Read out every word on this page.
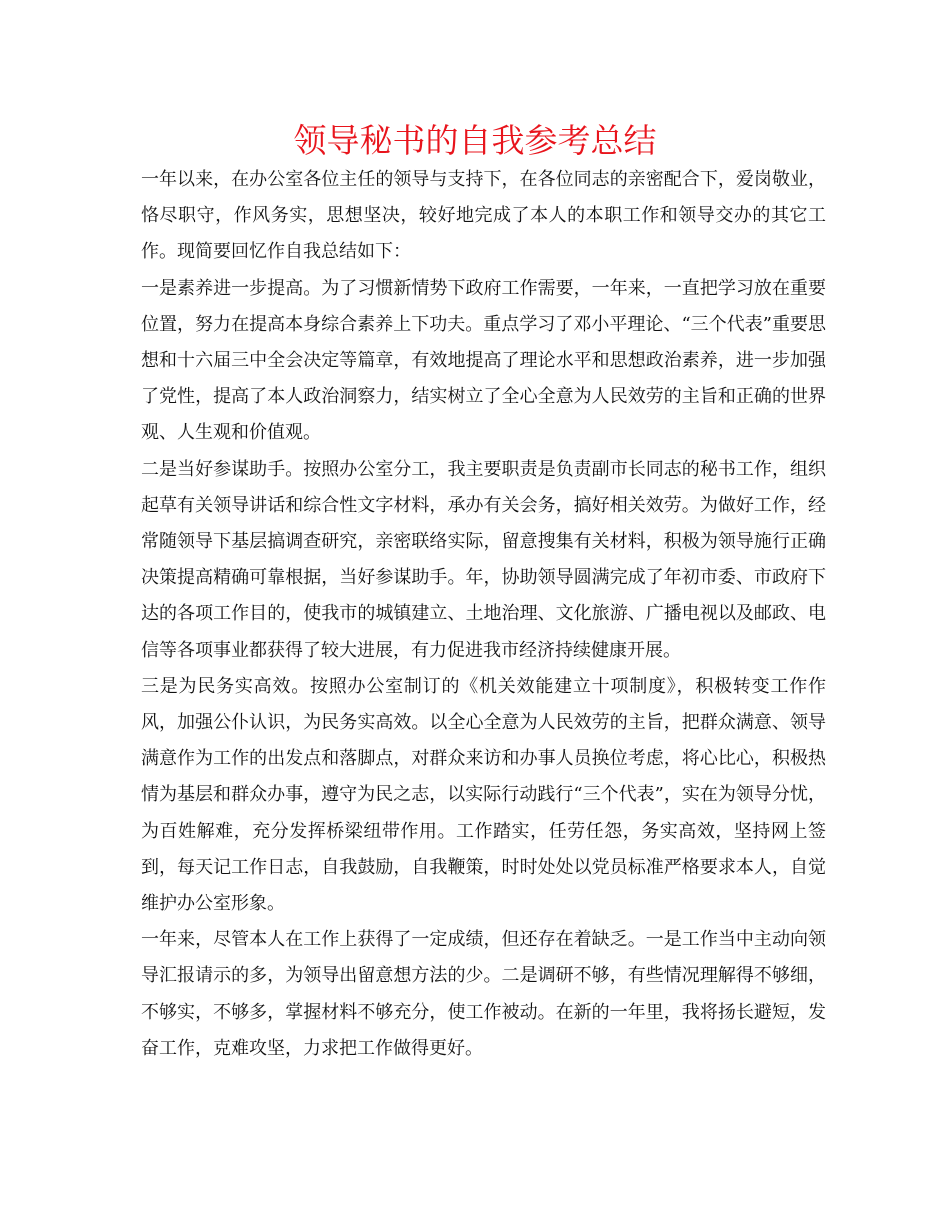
领导秘书的自我参考总结

一年以来，在办公室各位主任的领导与支持下，在各位同志的亲密配合下，爱岗敬业，恪尽职守，作风务实，思想坚决，较好地完成了本人的本职工作和领导交办的其它工作。现简要回忆作自我总结如下：

一是素养进一步提高。为了习惯新情势下政府工作需要，一年来，一直把学习放在重要位置，努力在提高本身综合素养上下功夫。重点学习了邓小平理论、“三个代表”重要思想和十六届三中全会决定等篇章，有效地提高了理论水平和思想政治素养，进一步加强了党性，提高了本人政治洞察力，结实树立了全心全意为人民效劳的主旨和正确的世界观、人生观和价值观。

二是当好参谋助手。按照办公室分工，我主要职责是负责副市长同志的秘书工作，组织起草有关领导讲话和综合性文字材料，承办有关会务，搞好相关效劳。为做好工作，经常随领导下基层搞调查研究，亲密联络实际，留意搜集有关材料，积极为领导施行正确决策提高精确可靠根据，当好参谋助手。年，协助领导圆满完成了年初市委、市政府下达的各项工作目的，使我市的城镇建立、土地治理、文化旅游、广播电视以及邮政、电信等各项事业都获得了较大进展，有力促进我市经济持续健康开展。

三是为民务实高效。按照办公室制订的《机关效能建立十项制度》，积极转变工作作风，加强公仆认识，为民务实高效。以全心全意为人民效劳的主旨，把群众满意、领导满意作为工作的出发点和落脚点，对群众来访和办事人员换位考虑，将心比心，积极热情为基层和群众办事，遵守为民之志，以实际行动践行“三个代表”，实在为领导分忧，为百姓解难，充分发挥桥梁纽带作用。工作踏实，任劳任怨，务实高效，坚持网上签到，每天记工作日志，自我鼓励，自我鞭策，时时处处以党员标准严格要求本人，自觉维护办公室形象。

一年来，尽管本人在工作上获得了一定成绩，但还存在着缺乏。一是工作当中主动向领导汇报请示的多，为领导出留意想方法的少。二是调研不够，有些情况理解得不够细，不够实，不够多，掌握材料不够充分，使工作被动。在新的一年里，我将扬长避短，发奋工作，克难攻坚，力求把工作做得更好。
